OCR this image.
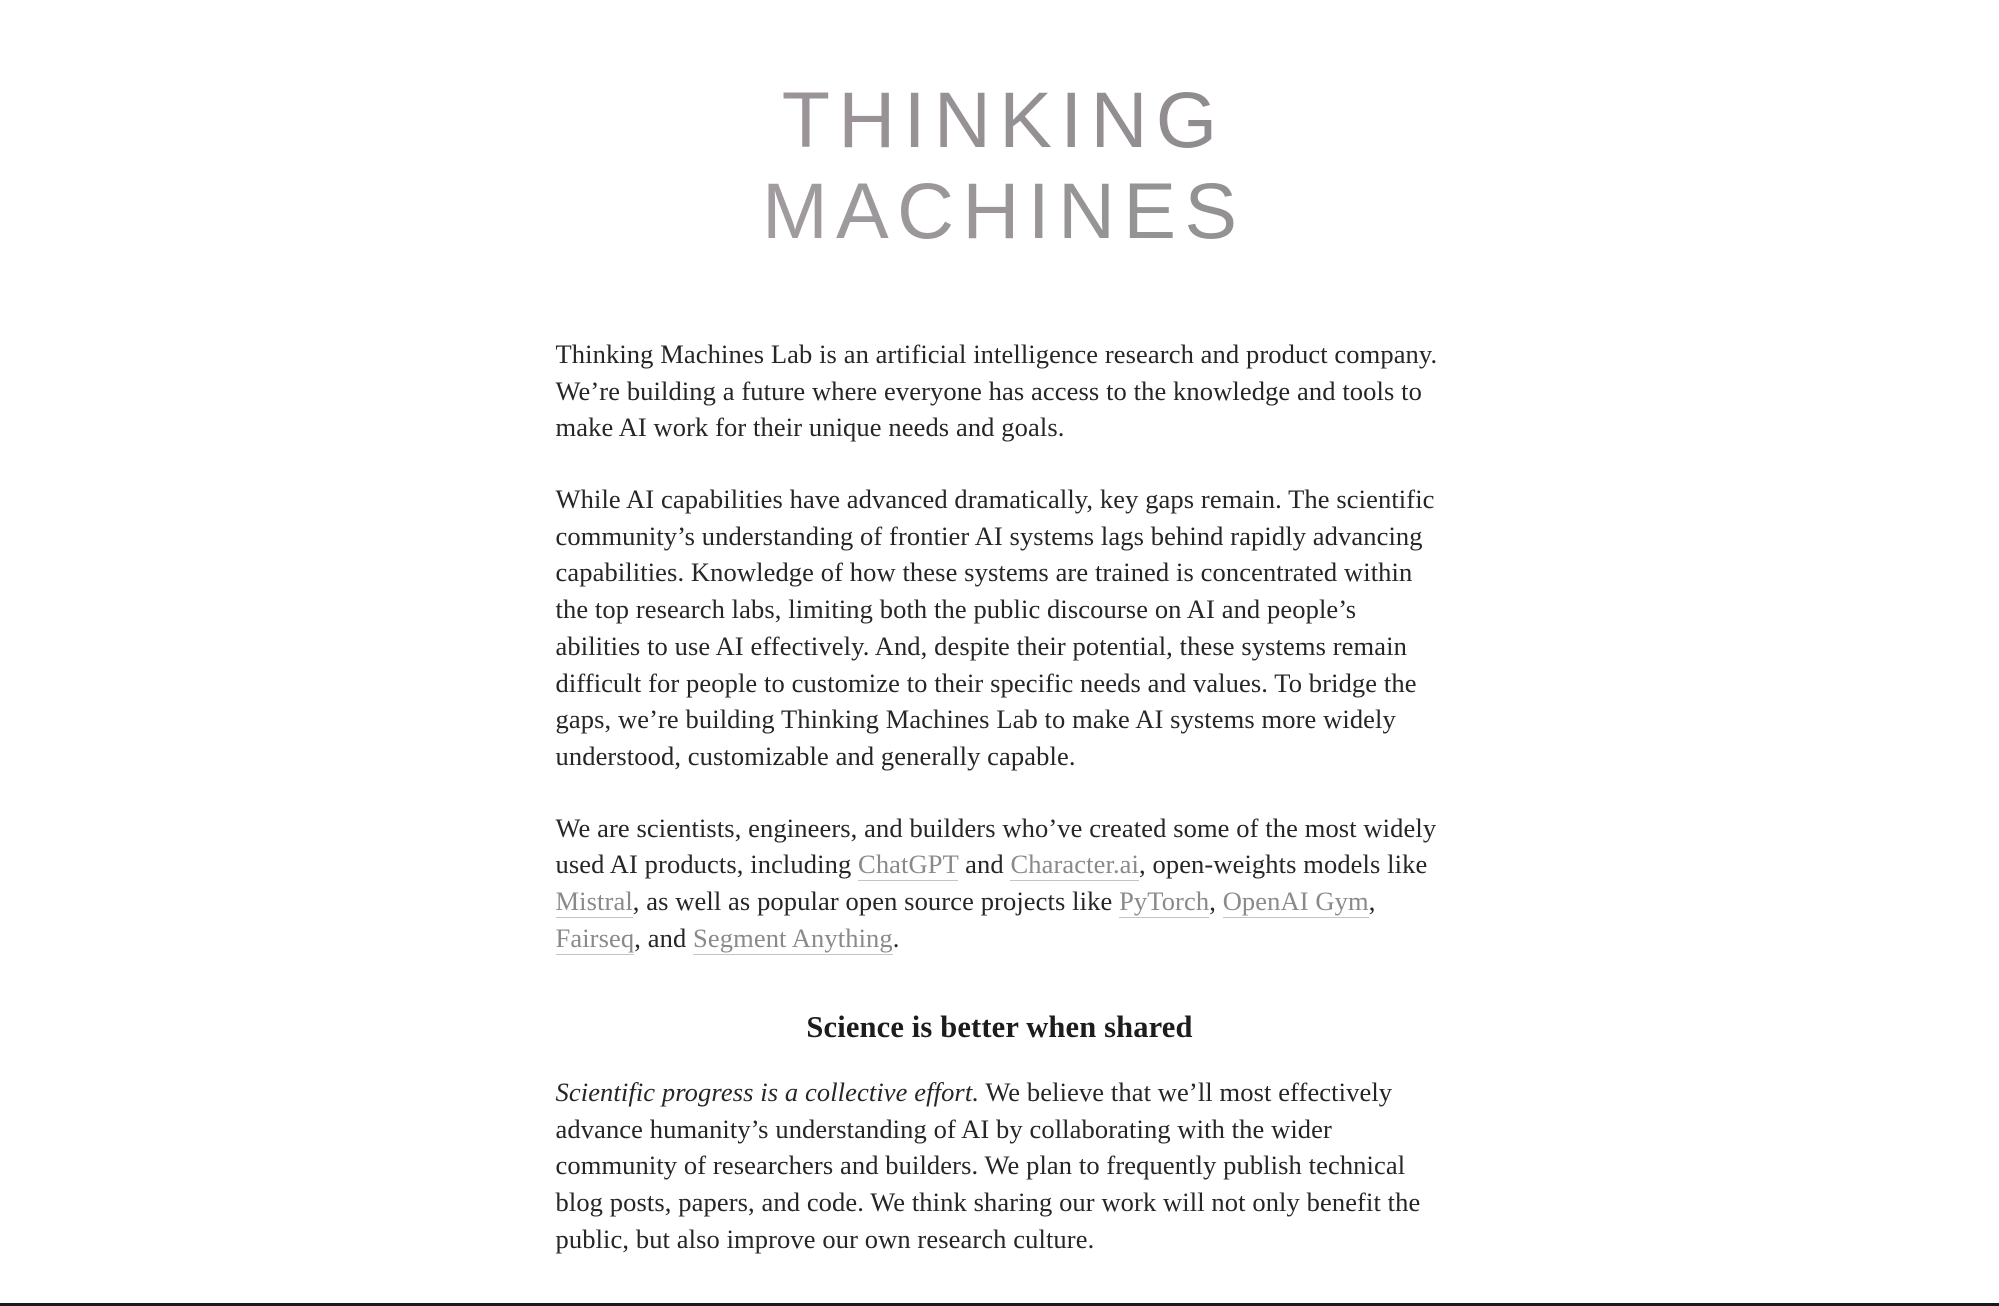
THINKING
MACHINES

Thinking Machines Lab is an artificial intelligence research and product company. We’re building a future where everyone has access to the knowledge and tools to make AI work for their unique needs and goals.

While AI capabilities have advanced dramatically, key gaps remain. The scientific community’s understanding of frontier AI systems lags behind rapidly advancing capabilities. Knowledge of how these systems are trained is concentrated within the top research labs, limiting both the public discourse on AI and people’s abilities to use AI effectively. And, despite their potential, these systems remain difficult for people to customize to their specific needs and values. To bridge the gaps, we’re building Thinking Machines Lab to make AI systems more widely understood, customizable and generally capable.

We are scientists, engineers, and builders who’ve created some of the most widely used AI products, including ChatGPT and Character.ai, open-weights models like Mistral, as well as popular open source projects like PyTorch, OpenAI Gym, Fairseq, and Segment Anything.

Science is better when shared

Scientific progress is a collective effort. We believe that we’ll most effectively advance humanity’s understanding of AI by collaborating with the wider community of researchers and builders. We plan to frequently publish technical blog posts, papers, and code. We think sharing our work will not only benefit the public, but also improve our own research culture.
